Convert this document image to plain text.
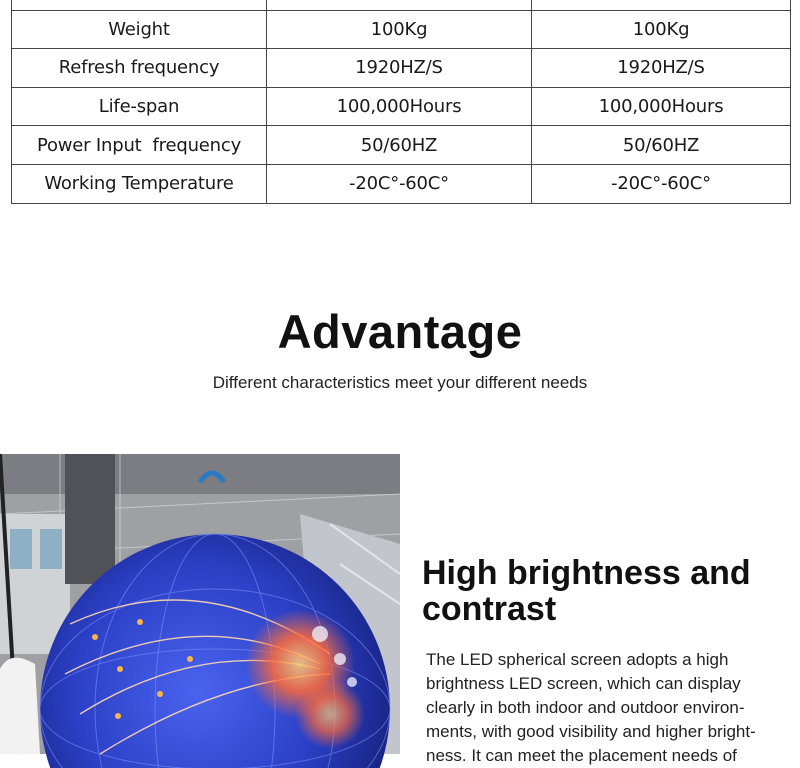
Weight	100Kg	100Kg
Refresh frequency	1920HZ/S	1920HZ/S
Life-span	100,000Hours	100,000Hours
Power Input  frequency	50/60HZ	50/60HZ
Working Temperature	-20C°-60C°	-20C°-60C°
Advantage

Different characteristics meet your different needs

High brightness and contrast
The LED spherical screen adopts a high
brightness LED screen, which can display
clearly in both indoor and outdoor environ-
ments, with good visibility and higher bright-
ness. It can meet the placement needs of
